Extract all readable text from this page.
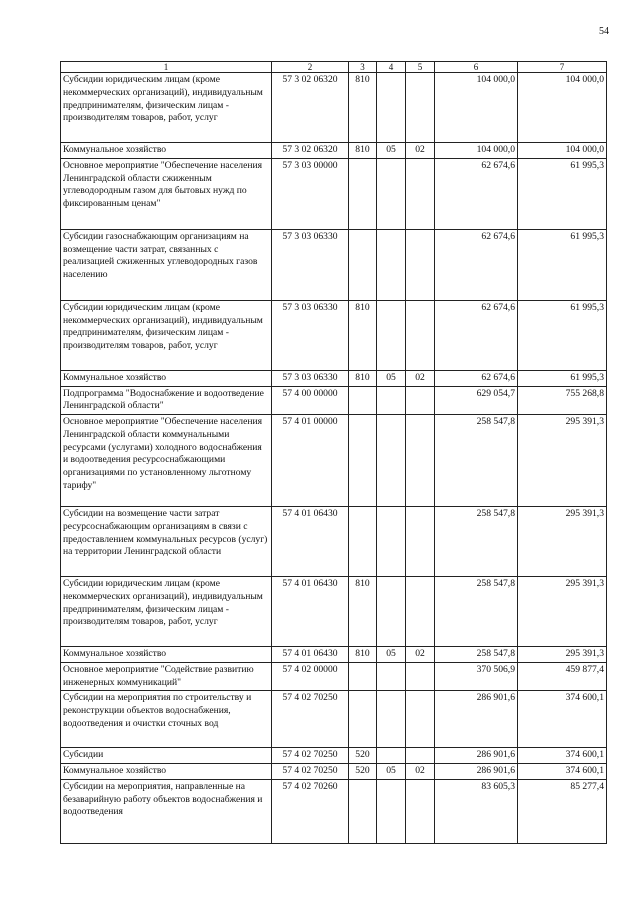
54
1	2	3	4	5	6	7
Субсидии юридическим лицам (кроме некоммерческих организаций), индивидуальным предпринимателям, физическим лицам - производителям товаров, работ, услуг	57 3 02 06320	810			104 000,0	104 000,0
Коммунальное хозяйство	57 3 02 06320	810	05	02	104 000,0	104 000,0
Основное мероприятие "Обеспечение населения Ленинградской области сжиженным углеводородным газом для бытовых нужд по фиксированным ценам"	57 3 03 00000				62 674,6	61 995,3
Субсидии газоснабжающим организациям на возмещение части затрат, связанных с реализацией сжиженных углеводородных газов населению	57 3 03 06330				62 674,6	61 995,3
Субсидии юридическим лицам (кроме некоммерческих организаций), индивидуальным предпринимателям, физическим лицам - производителям товаров, работ, услуг	57 3 03 06330	810			62 674,6	61 995,3
Коммунальное хозяйство	57 3 03 06330	810	05	02	62 674,6	61 995,3
Подпрограмма "Водоснабжение и водоотведение Ленинградской области"	57 4 00 00000				629 054,7	755 268,8
Основное мероприятие "Обеспечение населения Ленинградской области коммунальными ресурсами (услугами) холодного водоснабжения и водоотведения ресурсоснабжающими организациями по установленному льготному тарифу"	57 4 01 00000				258 547,8	295 391,3
Субсидии на возмещение части затрат ресурсоснабжающим организациям в связи с предоставлением коммунальных ресурсов (услуг) на территории Ленинградской области	57 4 01 06430				258 547,8	295 391,3
Субсидии юридическим лицам (кроме некоммерческих организаций), индивидуальным предпринимателям, физическим лицам - производителям товаров, работ, услуг	57 4 01 06430	810			258 547,8	295 391,3
Коммунальное хозяйство	57 4 01 06430	810	05	02	258 547,8	295 391,3
Основное мероприятие "Содействие развитию инженерных коммуникаций"	57 4 02 00000				370 506,9	459 877,4
Субсидии на мероприятия по строительству и реконструкции объектов водоснабжения, водоотведения и очистки сточных вод	57 4 02 70250				286 901,6	374 600,1
Субсидии	57 4 02 70250	520			286 901,6	374 600,1
Коммунальное хозяйство	57 4 02 70250	520	05	02	286 901,6	374 600,1
Субсидии на мероприятия, направленные на безаварийную работу объектов водоснабжения и водоотведения	57 4 02 70260				83 605,3	85 277,4
